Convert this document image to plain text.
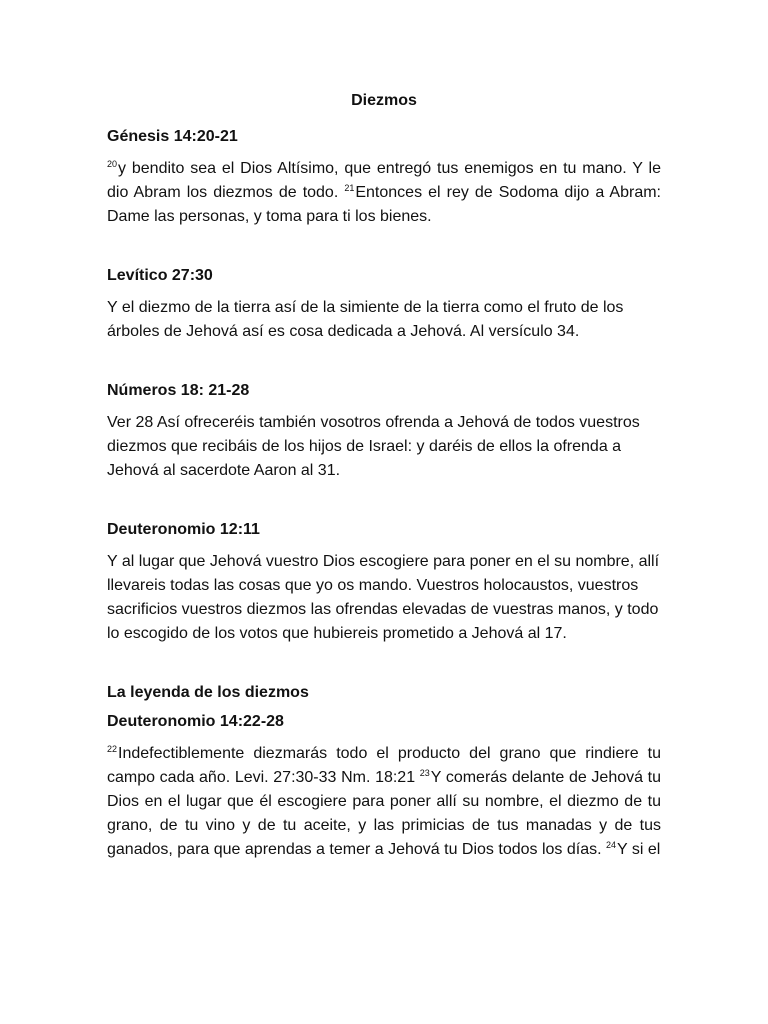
Diezmos
Génesis 14:20-21

$^{20}$y bendito sea el Dios Altísimo, que entregó tus enemigos en tu mano. Y le dio Abram los diezmos de todo. $^{21}$Entonces el rey de Sodoma dijo a Abram: Dame las personas, y toma para ti los bienes.

Levítico 27:30

Y el diezmo de la tierra así de la simiente de la tierra como el fruto de los árboles de Jehová así es cosa dedicada a Jehová. Al versículo 34.

Números 18: 21-28

Ver 28 Así ofreceréis también vosotros ofrenda a Jehová de todos vuestros diezmos que recibáis de los hijos de Israel: y daréis de ellos la ofrenda a Jehová al sacerdote Aaron al 31.

Deuteronomio 12:11

Y al lugar que Jehová vuestro Dios escogiere para poner en el su nombre, allí llevareis todas las cosas que yo os mando. Vuestros holocaustos, vuestros sacrificios vuestros diezmos las ofrendas elevadas de vuestras manos, y todo lo escogido de los votos que hubiereis prometido a Jehová al 17.

La leyenda de los diezmos
Deuteronomio 14:22-28

$^{22}$Indefectiblemente diezmarás todo el producto del grano que rindiere tu campo cada año. Levi. 27:30-33 Nm. 18:21 $^{23}$Y comerás delante de Jehová tu Dios en el lugar que él escogiere para poner allí su nombre, el diezmo de tu grano, de tu vino y de tu aceite, y las primicias de tus manadas y de tus ganados, para que aprendas a temer a Jehová tu Dios todos los días. $^{24}$Y si el
